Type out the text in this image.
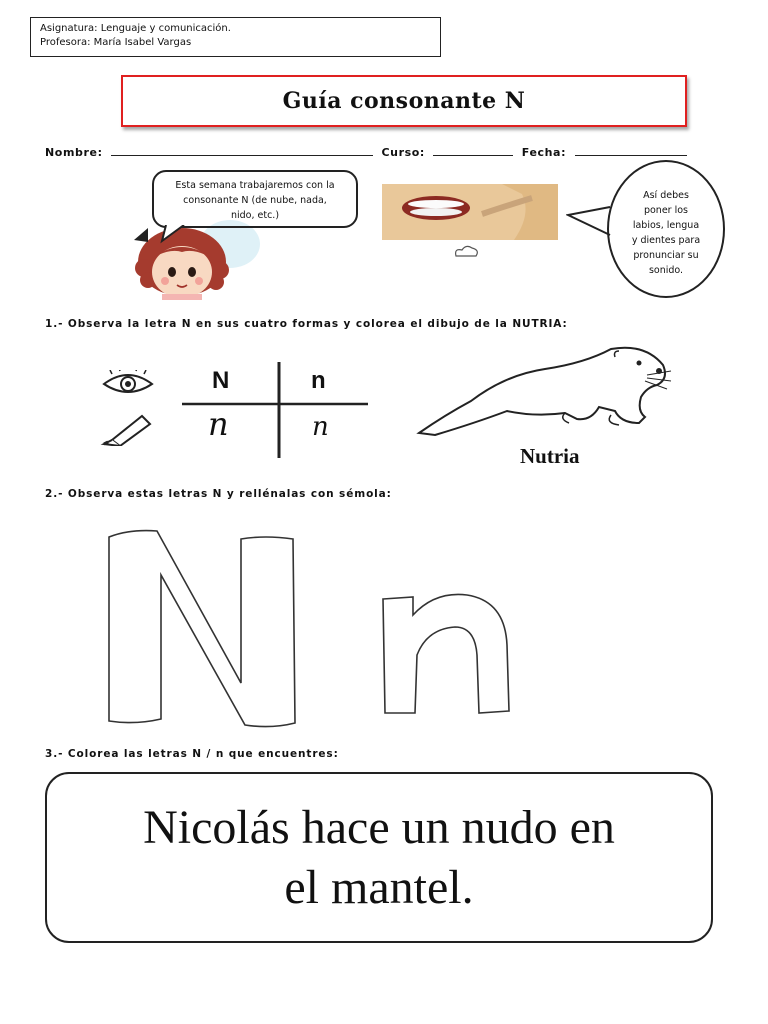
Asignatura: Lenguaje y comunicación.
Profesora: María Isabel Vargas
Guía consonante N
Nombre:	Curso:	Fecha:
Esta semana trabajaremos con la
consonante N (de nube, nada,
nido, etc.)
Así debes
poner los
labios, lengua
y dientes para
pronunciar su
sonido.
1.- Observa la letra N en sus cuatro formas y colorea el dibujo de la NUTRIA:
N	n
n	n
Nutria
2.- Observa estas letras N y rellénalas con sémola:
3.- Colorea las letras N / n que encuentres:
Nicolás hace un nudo en
el mantel.
